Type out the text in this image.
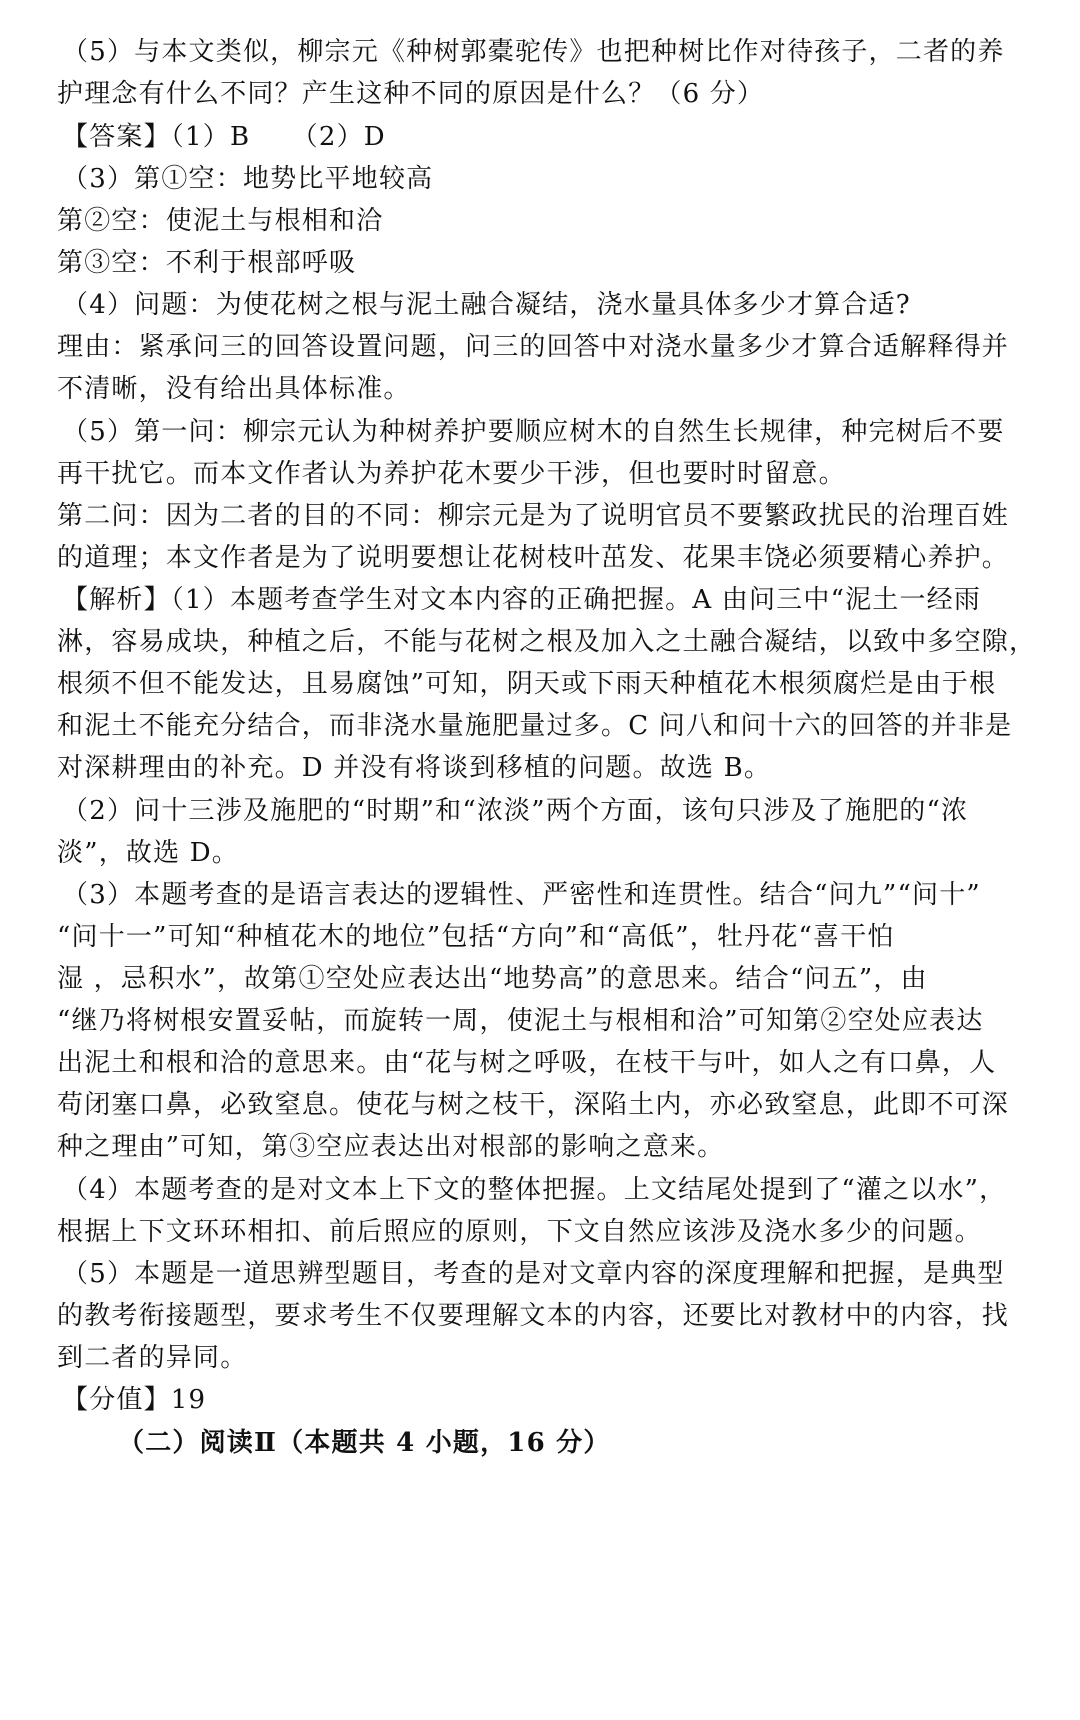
（5）与本文类似，柳宗元《种树郭橐驼传》也把种树比作对待孩子，二者的养
护理念有什么不同？产生这种不同的原因是什么？（6 分）
【答案】（1）B　　（2）D
（3）第①空：地势比平地较高
第②空：使泥土与根相和洽
第③空：不利于根部呼吸
（4）问题：为使花树之根与泥土融合凝结，浇水量具体多少才算合适?
理由：紧承问三的回答设置问题，问三的回答中对浇水量多少才算合适解释得并
不清晰，没有给出具体标准。
（5）第一问：柳宗元认为种树养护要顺应树木的自然生长规律，种完树后不要
再干扰它。而本文作者认为养护花木要少干涉，但也要时时留意。
第二问：因为二者的目的不同：柳宗元是为了说明官员不要繁政扰民的治理百姓
的道理；本文作者是为了说明要想让花树枝叶茁发、花果丰饶必须要精心养护。
【解析】（1）本题考查学生对文本内容的正确把握。A 由问三中“泥土一经雨
淋，容易成块，种植之后，不能与花树之根及加入之土融合凝结，以致中多空隙，
根须不但不能发达，且易腐蚀”可知，阴天或下雨天种植花木根须腐烂是由于根
和泥土不能充分结合，而非浇水量施肥量过多。C 问八和问十六的回答的并非是
对深耕理由的补充。D 并没有将谈到移植的问题。故选 B。
（2）问十三涉及施肥的“时期”和“浓淡”两个方面，该句只涉及了施肥的“浓
淡”，故选 D。
（3）本题考查的是语言表达的逻辑性、严密性和连贯性。结合“问九”“问十”
“问十一”可知“种植花木的地位”包括“方向”和“高低”，牡丹花“喜干怕
湿 ，忌积水”，故第①空处应表达出“地势高”的意思来。结合“问五”，由
“继乃将树根安置妥帖，而旋转一周，使泥土与根相和洽”可知第②空处应表达
出泥土和根和洽的意思来。由“花与树之呼吸，在枝干与叶，如人之有口鼻，人
苟闭塞口鼻，必致窒息。使花与树之枝干，深陷土内，亦必致窒息，此即不可深
种之理由”可知，第③空应表达出对根部的影响之意来。
（4）本题考查的是对文本上下文的整体把握。上文结尾处提到了“灌之以水”，
根据上下文环环相扣、前后照应的原则，下文自然应该涉及浇水多少的问题。
（5）本题是一道思辨型题目，考查的是对文章内容的深度理解和把握，是典型
的教考衔接题型，要求考生不仅要理解文本的内容，还要比对教材中的内容，找
到二者的异同。
【分值】19
（二）阅读Ⅱ（本题共 4 小题，16 分）
